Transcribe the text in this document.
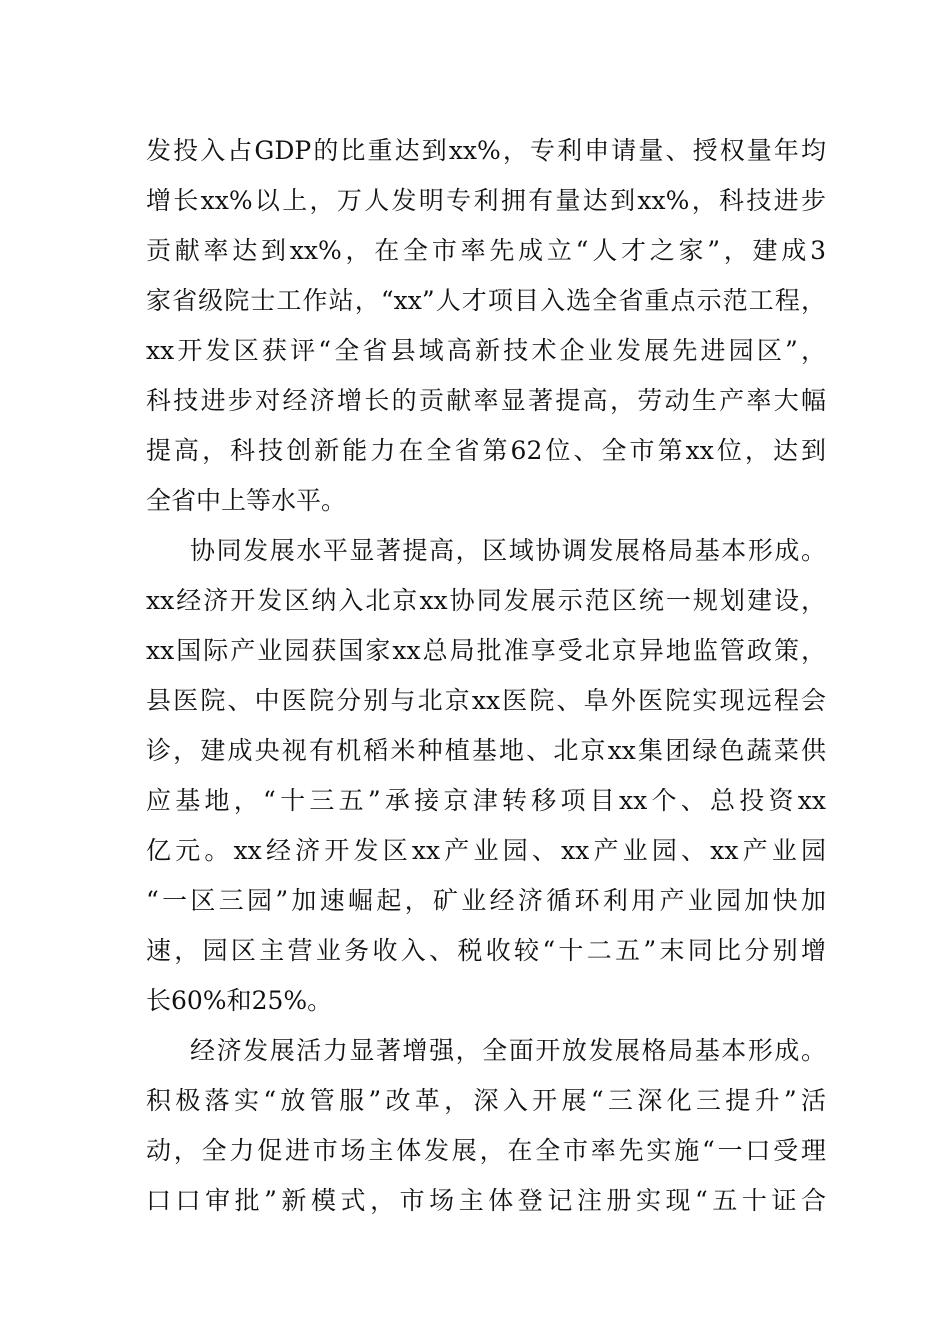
发投入占GDP的比重达到xx%，专利申请量、授权量年均
增长xx%以上，万人发明专利拥有量达到xx%，科技进步
贡献率达到xx%，在全市率先成立“人才之家”，建成3
家省级院士工作站，“xx”人才项目入选全省重点示范工程，
xx开发区获评“全省县域高新技术企业发展先进园区”，
科技进步对经济增长的贡献率显著提高，劳动生产率大幅
提高，科技创新能力在全省第62位、全市第xx位，达到
全省中上等水平。
协同发展水平显著提高，区域协调发展格局基本形成。
xx经济开发区纳入北京xx协同发展示范区统一规划建设，
xx国际产业园获国家xx总局批准享受北京异地监管政策，
县医院、中医院分别与北京xx医院、阜外医院实现远程会
诊，建成央视有机稻米种植基地、北京xx集团绿色蔬菜供
应基地，“十三五”承接京津转移项目xx个、总投资xx
亿元。xx经济开发区xx产业园、xx产业园、xx产业园
“一区三园”加速崛起，矿业经济循环利用产业园加快加
速，园区主营业务收入、税收较“十二五”末同比分别增
长60%和25%。
经济发展活力显著增强，全面开放发展格局基本形成。
积极落实“放管服”改革，深入开展“三深化三提升”活
动，全力促进市场主体发展，在全市率先实施“一口受理
口口审批”新模式，市场主体登记注册实现“五十证合
